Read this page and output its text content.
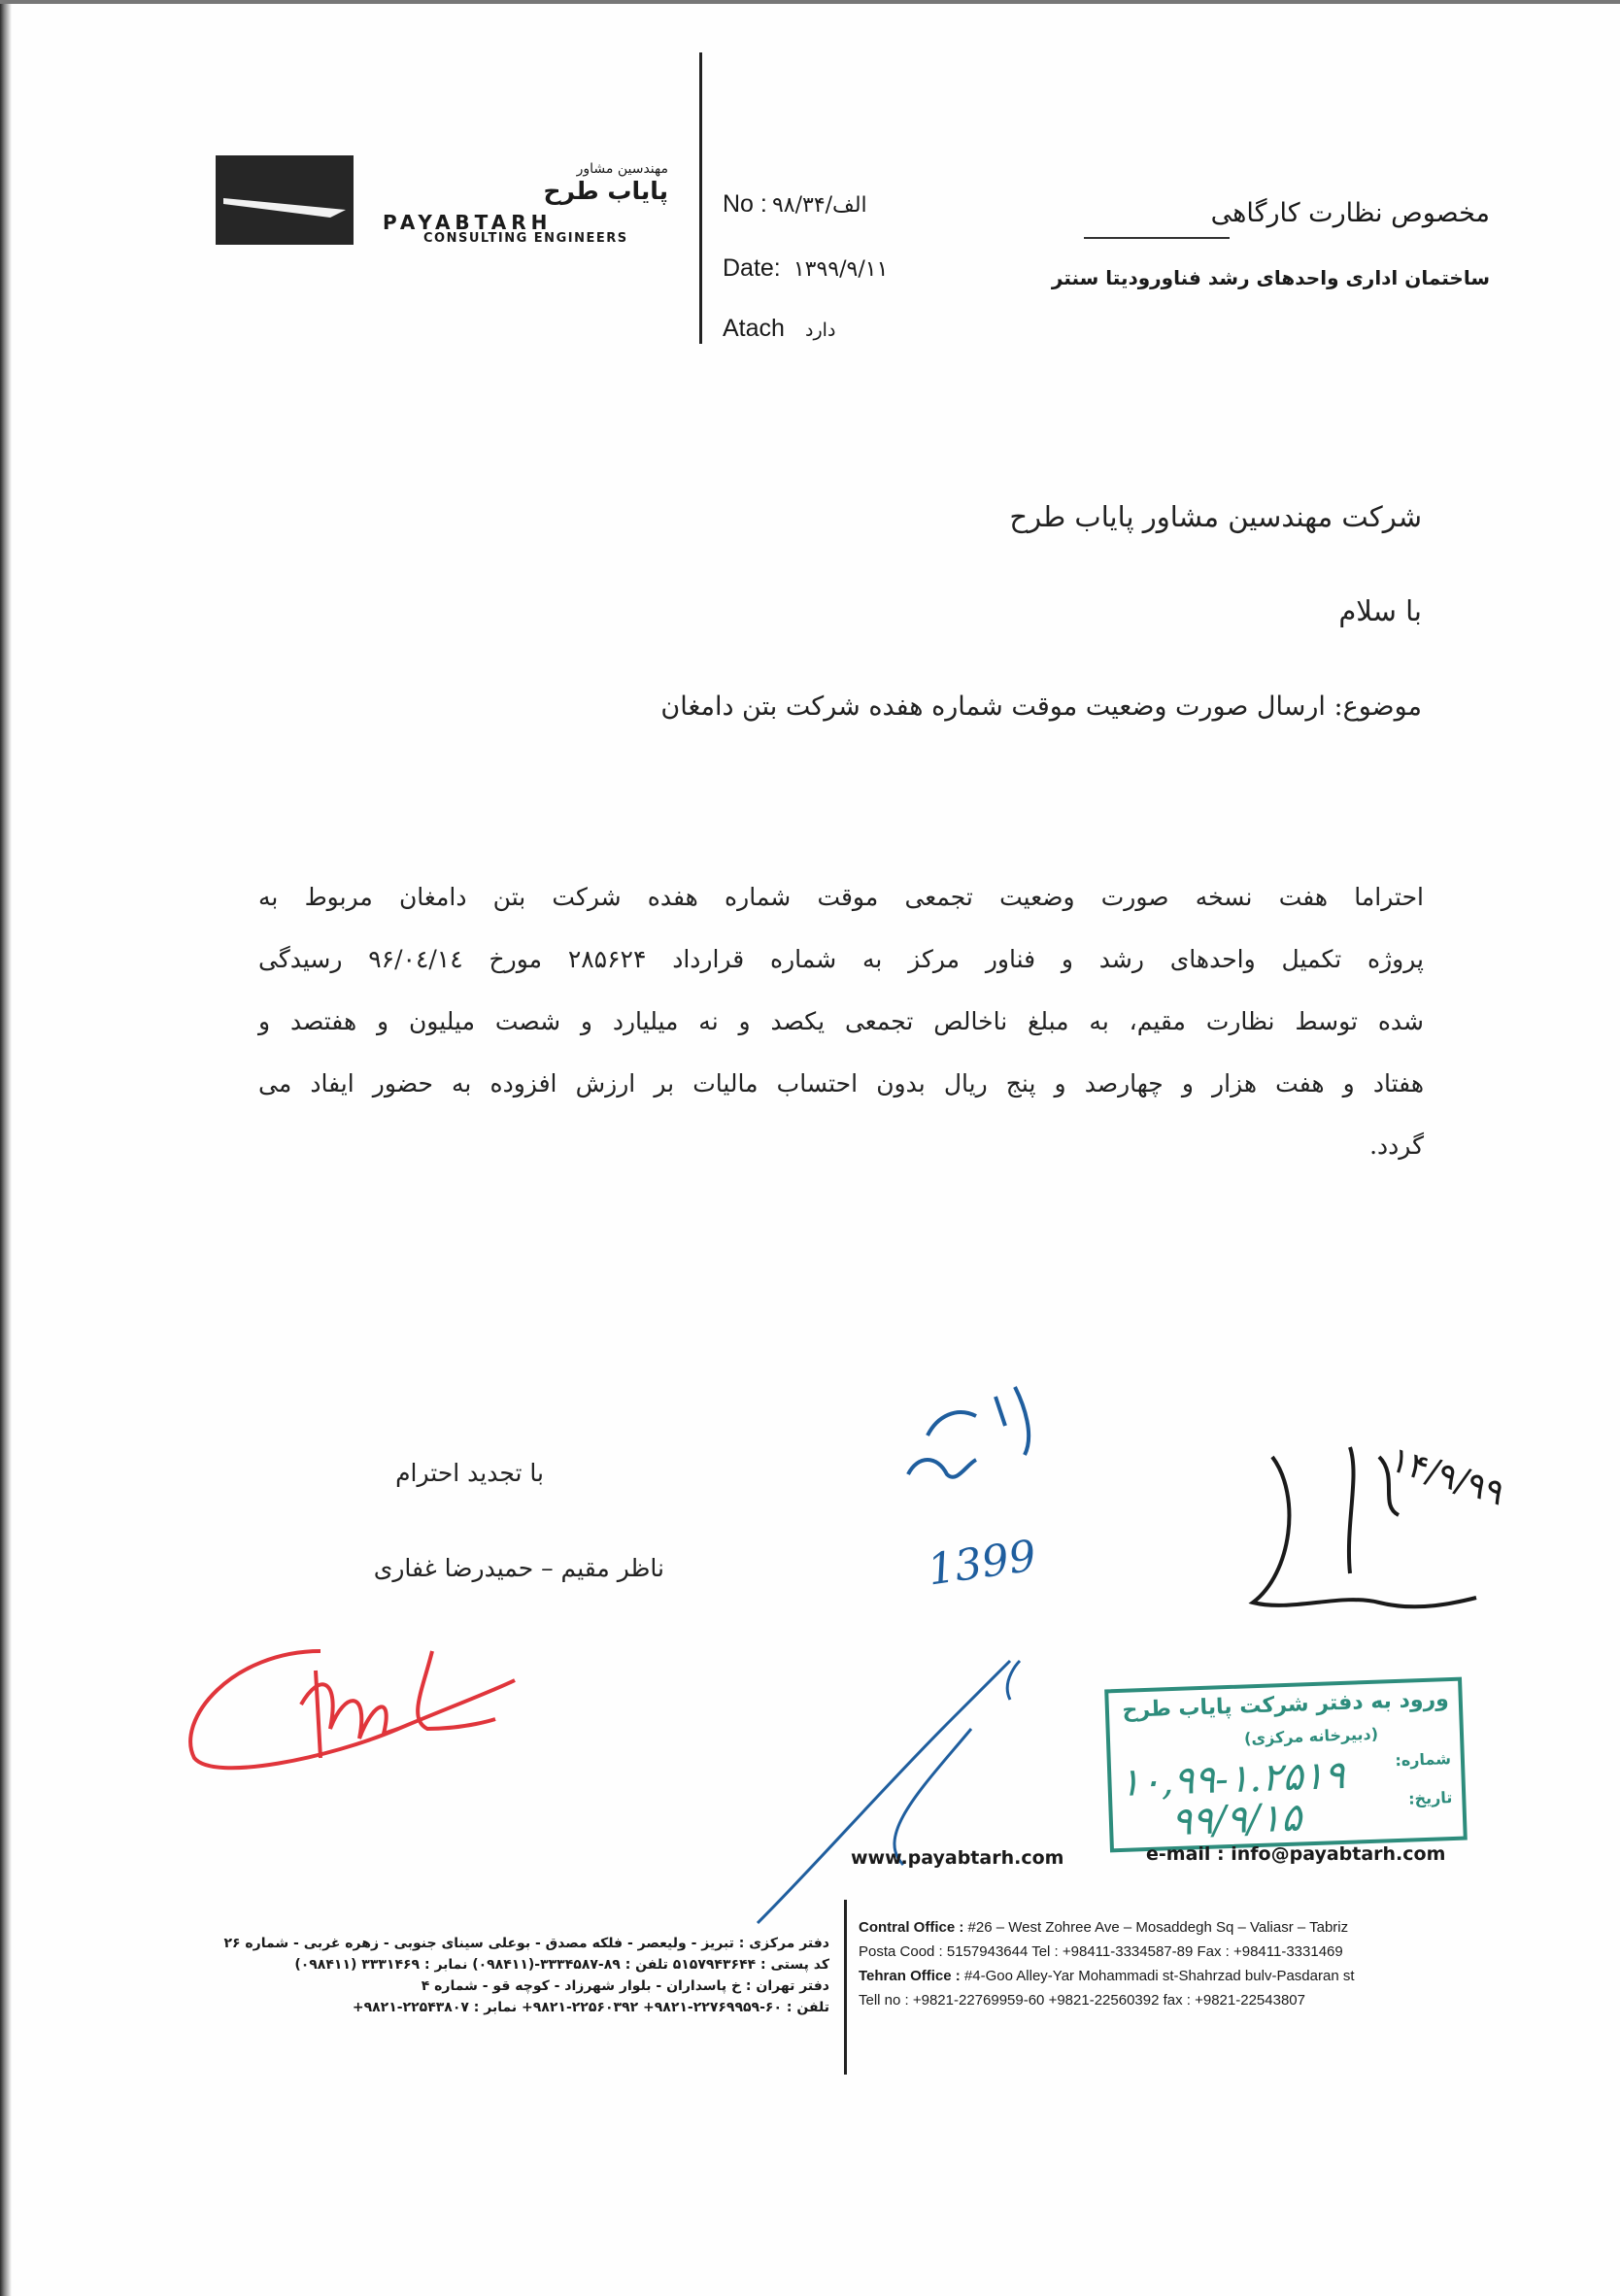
مهندسین مشاور
پایاب طرح
PAYABTARH
CONSULTING ENGINEERS
No : ۹۸/الف/۳۴
Date: ۱۳۹۹/۹/۱۱
Atach دارد
مخصوص نظارت کارگاهی
ساختمان اداری واحدهای رشد فناورودیتا سنتر
شرکت مهندسین مشاور پایاب طرح
با سلام
موضوع: ارسال صورت وضعیت موقت شماره هفده شرکت بتن دامغان
احتراما هفت نسخه صورت وضعیت تجمعی موقت شماره هفده شرکت بتن دامغان مربوط به
پروژه تکمیل واحدهای رشد و فناور مرکز به شماره قرارداد ۲۸۵۶۲۴ مورخ ۹۶/۰٤/۱٤ رسیدگی
شده توسط نظارت مقیم، به مبلغ ناخالص تجمعی یکصد و نه میلیارد و شصت میلیون و هفتصد و
هفتاد و هفت هزار و چهارصد و پنج ریال بدون احتساب مالیات بر ارزش افزوده به حضور ایفاد می
گردد.
با تجدید احترام
ناظر مقیم – حمیدرضا غفاری	1399
۱۴/۹/۹۹
ورود به دفتر شرکت پایاب طرح
(دبیرخانه مرکزی)
شماره:
تاریخ:
۱۰,۹۹-۱.۲۵۱۹
۹۹/۹/۱۵
www.payabtarh.com	e-mail : info@payabtarh.com
Contral Office : #26 – West Zohree Ave – Mosaddegh Sq – Valiasr – Tabriz
Posta Cood : 5157943644 Tel : +98411-3334587-89 Fax : +98411-3331469
Tehran Office : #4-Goo Alley-Yar Mohammadi st-Shahrzad bulv-Pasdaran st
Tell no : +9821-22769959-60 +9821-22560392 fax : +9821-22543807
دفتر مرکزی : تبریز - ولیعصر - فلکه مصدق - بوعلی سینای جنوبی - زهره غربی - شماره ۲۶
کد پستی : ۵۱۵۷۹۴۳۶۴۴ تلفن : ۸۹-۳۳۳۴۵۸۷-(۰۹۸۴۱۱) نمابر : ۳۳۳۱۴۶۹ (۰۹۸۴۱۱)
دفتر تهران : خ پاسداران - بلوار شهرزاد - کوچه قو - شماره ۴
تلفن : ۶۰-۲۲۷۶۹۹۵۹-۹۸۲۱+ ۲۲۵۶۰۳۹۲-۹۸۲۱+ نمابر : ۲۲۵۴۳۸۰۷-۹۸۲۱+
